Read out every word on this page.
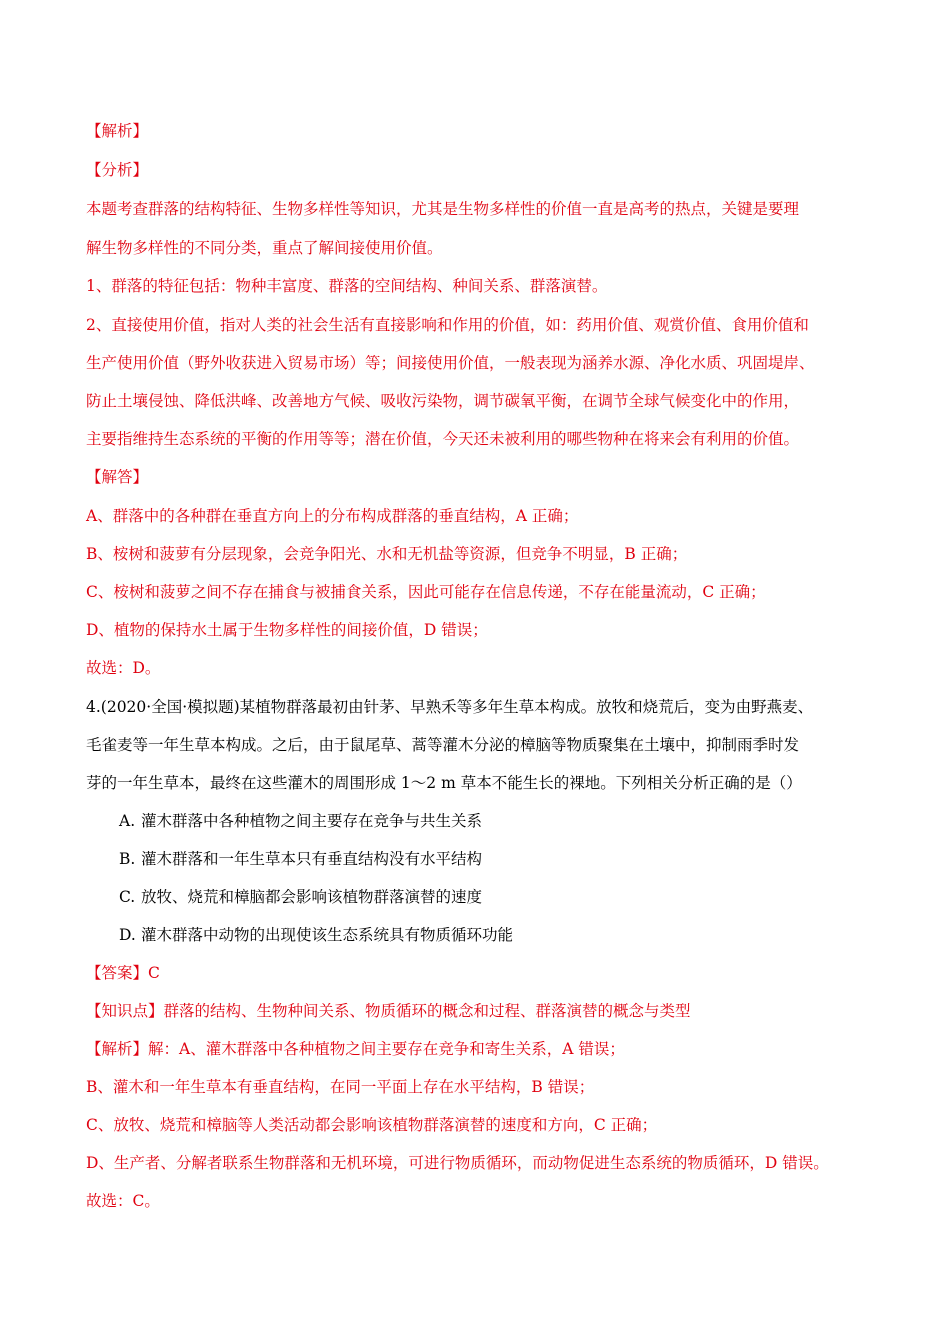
【解析】
【分析】
本题考查群落的结构特征、生物多样性等知识，尤其是生物多样性的价值一直是高考的热点，关键是要理
解生物多样性的不同分类，重点了解间接使用价值。
1、群落的特征包括：物种丰富度、群落的空间结构、种间关系、群落演替。
2、直接使用价值，指对人类的社会生活有直接影响和作用的价值，如：药用价值、观赏价值、食用价值和
生产使用价值（野外收获进入贸易市场）等；间接使用价值，一般表现为涵养水源、净化水质、巩固堤岸、
防止土壤侵蚀、降低洪峰、改善地方气候、吸收污染物，调节碳氧平衡，在调节全球气候变化中的作用，
主要指维持生态系统的平衡的作用等等；潜在价值，今天还未被利用的哪些物种在将来会有利用的价值。
【解答】
A、群落中的各种群在垂直方向上的分布构成群落的垂直结构，A 正确；
B、桉树和菠萝有分层现象，会竞争阳光、水和无机盐等资源，但竞争不明显，B 正确；
C、桉树和菠萝之间不存在捕食与被捕食关系，因此可能存在信息传递，不存在能量流动，C 正确；
D、植物的保持水土属于生物多样性的间接价值，D 错误；
故选：D。
4.(2020·全国·模拟题)某植物群落最初由针茅、早熟禾等多年生草本构成。放牧和烧荒后，变为由野燕麦、
毛雀麦等一年生草本构成。之后，由于鼠尾草、蒿等灌木分泌的樟脑等物质聚集在土壤中，抑制雨季时发
芽的一年生草本，最终在这些灌木的周围形成 1～2 m 草本不能生长的裸地。下列相关分析正确的是（）
A. 灌木群落中各种植物之间主要存在竞争与共生关系
B. 灌木群落和一年生草本只有垂直结构没有水平结构
C. 放牧、烧荒和樟脑都会影响该植物群落演替的速度
D. 灌木群落中动物的出现使该生态系统具有物质循环功能
【答案】C
【知识点】群落的结构、生物种间关系、物质循环的概念和过程、群落演替的概念与类型
【解析】解：A、灌木群落中各种植物之间主要存在竞争和寄生关系，A 错误；
B、灌木和一年生草本有垂直结构，在同一平面上存在水平结构，B 错误；
C、放牧、烧荒和樟脑等人类活动都会影响该植物群落演替的速度和方向，C 正确；
D、生产者、分解者联系生物群落和无机环境，可进行物质循环，而动物促进生态系统的物质循环，D 错误。
故选：C。
